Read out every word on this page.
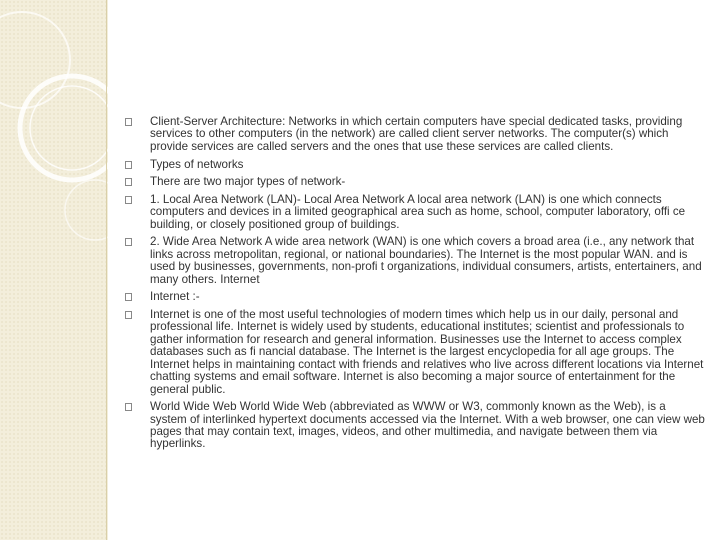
Client-Server Architecture: Networks in which certain computers have special dedicated tasks, providing services to other computers (in the network) are called client server networks. The computer(s) which provide services are called servers and the ones that use these services are called clients.
Types of networks
There are two major types of network-
1. Local Area Network (LAN)- Local Area Network A local area network (LAN) is one which connects computers and devices in a limited geographical area such as home, school, computer laboratory, offi ce building, or closely positioned group of buildings.
2. Wide Area Network A wide area network (WAN) is one which covers a broad area (i.e., any network that links across metropolitan, regional, or national boundaries). The Internet is the most popular WAN. and is used by businesses, governments, non-profi t organizations, individual consumers, artists, entertainers, and many others. Internet
Internet :-
Internet is one of the most useful technologies of modern times which help us in our daily, personal and professional life. Internet is widely used by students, educational institutes; scientist and professionals to gather information for research and general information. Businesses use the Internet to access complex databases such as fi nancial database. The Internet is the largest encyclopedia for all age groups. The Internet helps in maintaining contact with friends and relatives who live across different locations via Internet chatting systems and email software. Internet is also becoming a major source of entertainment for the general public.
World Wide Web World Wide Web (abbreviated as WWW or W3, commonly known as the Web), is a system of interlinked hypertext documents accessed via the Internet. With a web browser, one can view web pages that may contain text, images, videos, and other multimedia, and navigate between them via hyperlinks.
